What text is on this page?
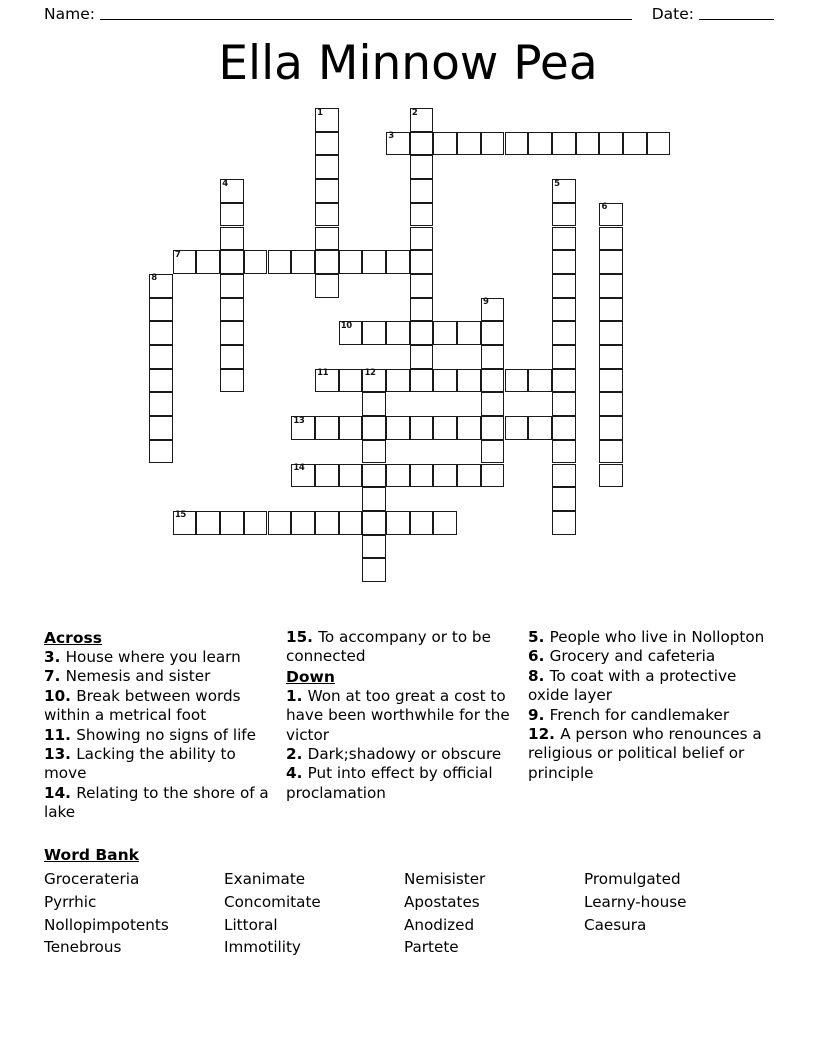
Name:	Date:
Ella Minnow Pea
1	2
3
4	5
6
7
8
9
10
11	12
13
14
15
Across
3. House where you learn
7. Nemesis and sister
10. Break between words within a metrical foot
11. Showing no signs of life
13. Lacking the ability to move
14. Relating to the shore of a lake
15. To accompany or to be connected
Down
1. Won at too great a cost to have been worthwhile for the victor
2. Dark;shadowy or obscure
4. Put into effect by official proclamation
5. People who live in Nollopton
6. Grocery and cafeteria
8. To coat with a protective oxide layer
9. French for candlemaker
12. A person who renounces a religious or political belief or principle
Word Bank
Grocerateria	Exanimate	Nemisister	Promulgated
Pyrrhic	Concomitate	Apostates	Learny-house
Nollopimpotents	Littoral	Anodized	Caesura
Tenebrous	Immotility	Partete
